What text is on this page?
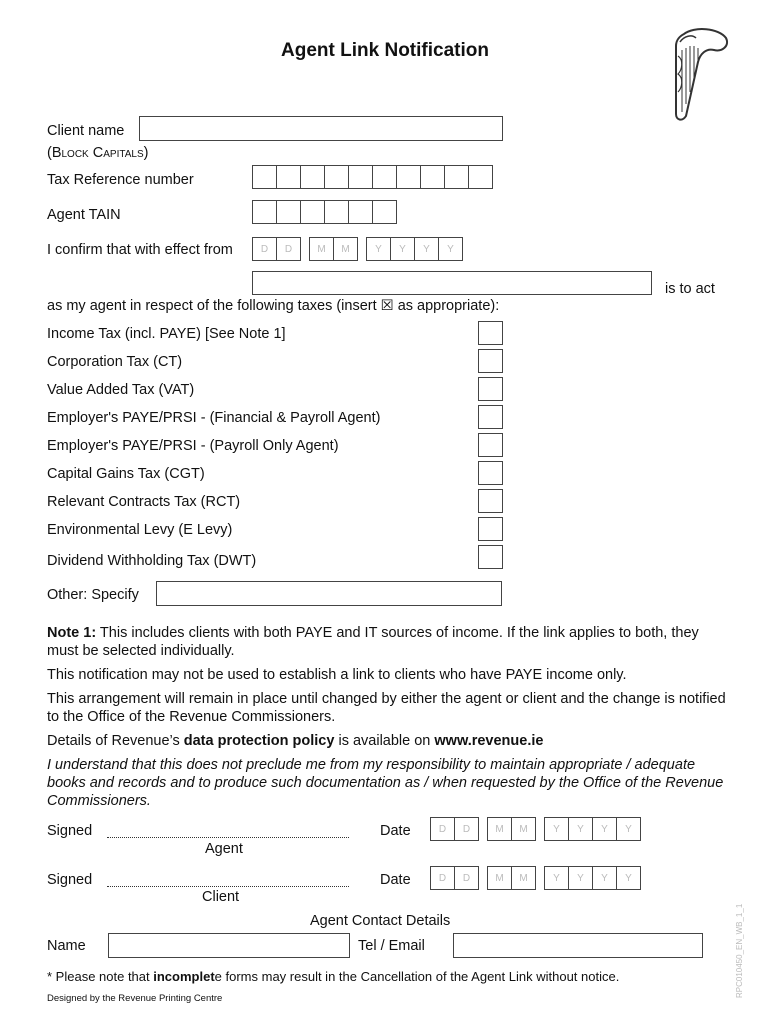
Agent Link Notification
Client name
(Block Capitals)
Tax Reference number
Agent TAIN
I confirm that with effect from	D	D	M	M	Y	Y	Y	Y
is to act
as my agent in respect of the following taxes (insert ☒ as appropriate):
Income Tax (incl. PAYE) [See Note 1]
Corporation Tax (CT)
Value Added Tax (VAT)
Employer's PAYE/PRSI - (Financial & Payroll Agent)
Employer's PAYE/PRSI - (Payroll Only Agent)
Capital Gains Tax (CGT)
Relevant Contracts Tax (RCT)
Environmental Levy (E Levy)
Dividend Withholding Tax (DWT)
Other: Specify
Note 1: This includes clients with both PAYE and IT sources of income. If the link applies to both, they must be selected individually.
This notification may not be used to establish a link to clients who have PAYE income only.
This arrangement will remain in place until changed by either the agent or client and the change is notified to the Office of the Revenue Commissioners.
Details of Revenue’s data protection policy is available on www.revenue.ie
I understand that this does not preclude me from my responsibility to maintain appropriate / adequate books and records and to produce such documentation as / when requested by the Office of the Revenue Commissioners.
Signed
Agent
Date	D	D	M	M	Y	Y	Y	Y
Signed
Client
Date	D	D	M	M	Y	Y	Y	Y
Agent Contact Details
Name	Tel / Email
* Please note that incomplete forms may result in the Cancellation of the Agent Link without notice.
Designed by the Revenue Printing Centre
RPC010450_EN_WB_1_1
